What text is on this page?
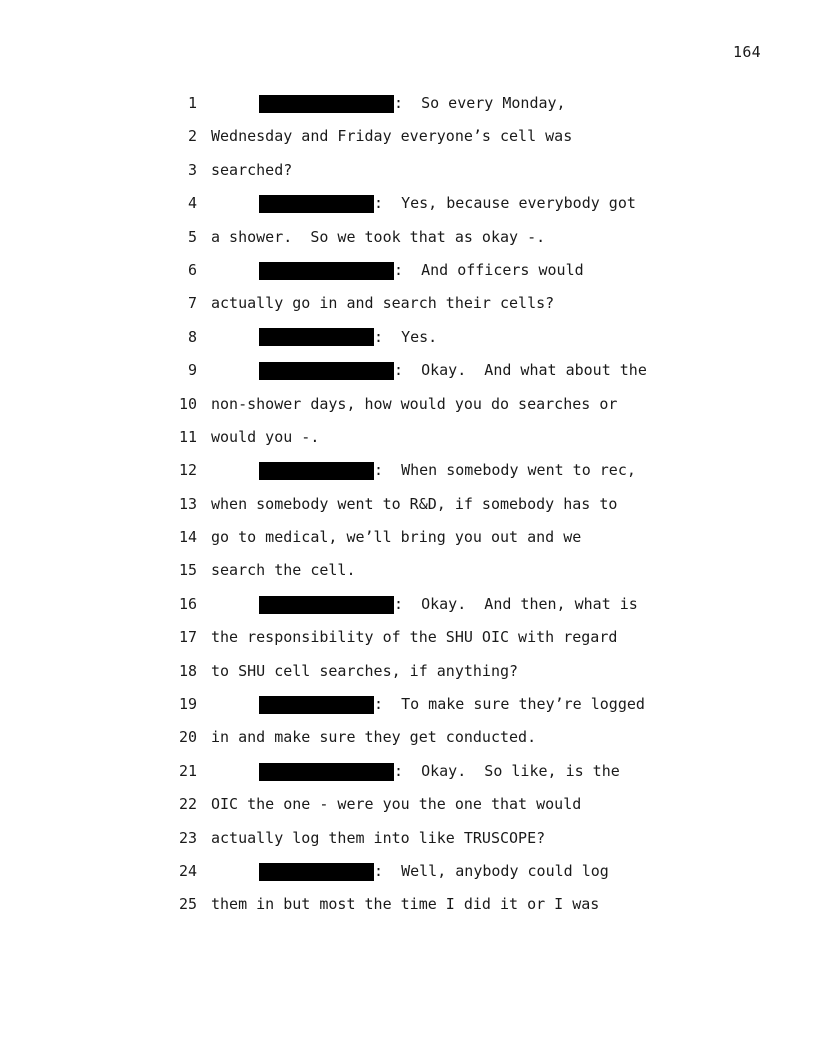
164
1	:  So every Monday,
2 Wednesday and Friday everyone’s cell was
3 searched?
4	:  Yes, because everybody got
5 a shower.  So we took that as okay -.
6	:  And officers would
7 actually go in and search their cells?
8	:  Yes.
9	:  Okay.  And what about the
10 non-shower days, how would you do searches or
11 would you -.
12	:  When somebody went to rec,
13 when somebody went to R&D, if somebody has to
14 go to medical, we’ll bring you out and we
15 search the cell.
16	:  Okay.  And then, what is
17 the responsibility of the SHU OIC with regard
18 to SHU cell searches, if anything?
19	:  To make sure they’re logged
20 in and make sure they get conducted.
21	:  Okay.  So like, is the
22 OIC the one - were you the one that would
23 actually log them into like TRUSCOPE?
24	:  Well, anybody could log
25 them in but most the time I did it or I was
